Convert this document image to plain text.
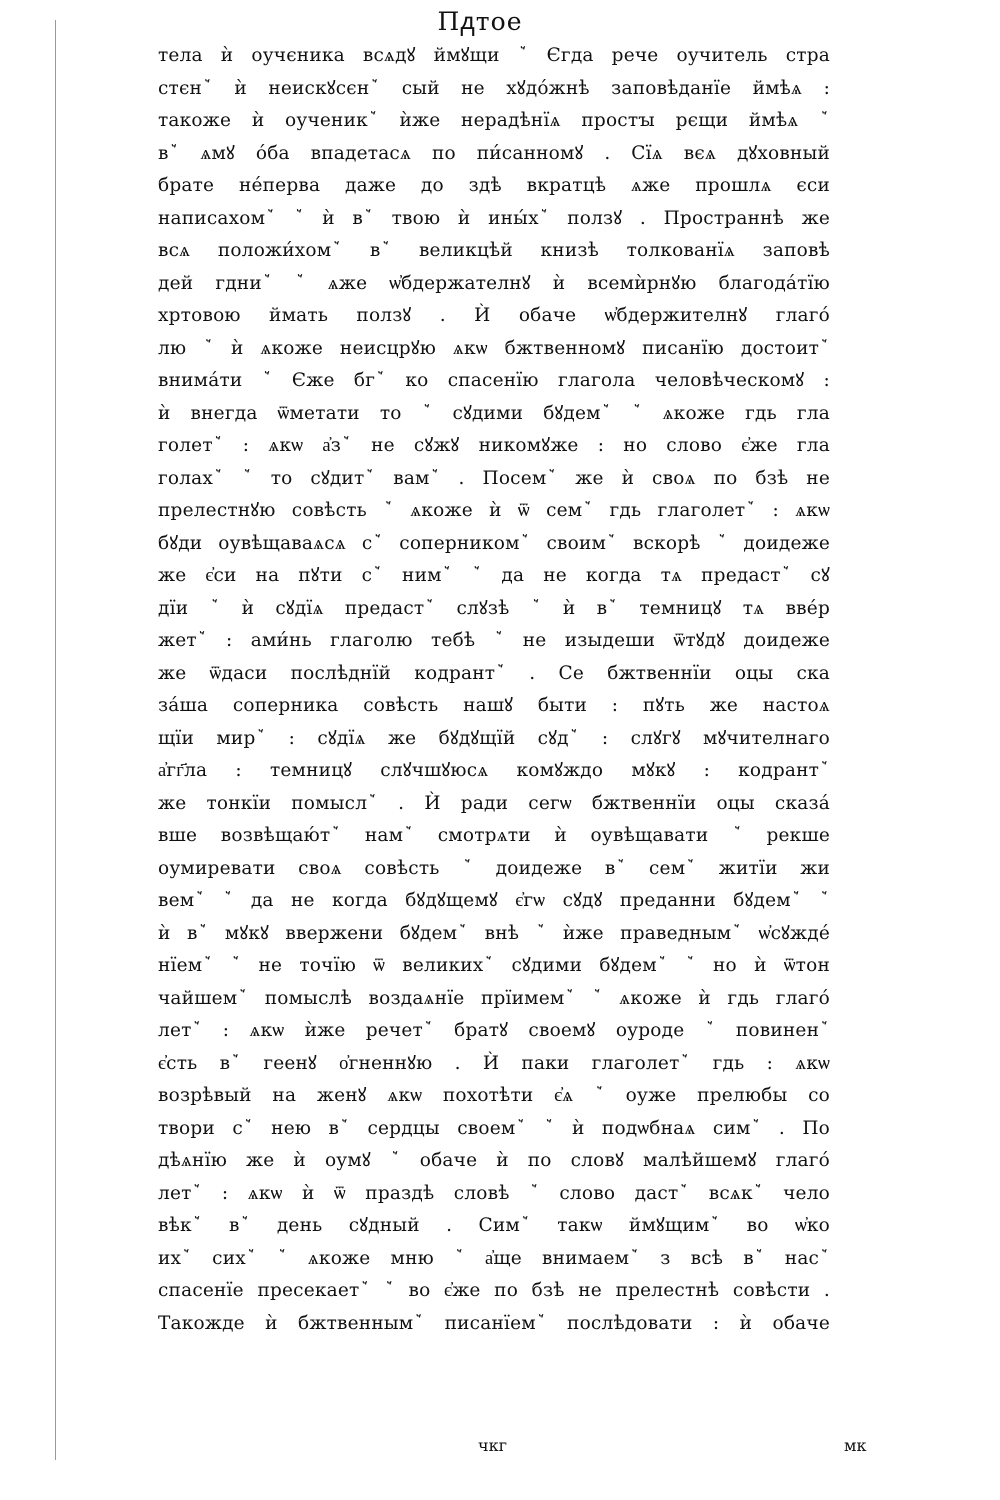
Пᲁтое
тела ѝ оучєника всѧдꙋ ймꙋщи ꙿ Єгда рече оучитель стра
стєнꙿ ѝ неискꙋсєнꙿ сый не хꙋдо́жнѣ заповѣданїе ймѣѧ :
такоже ѝ оученикꙿ ѝже нерадѣнїѧ простꙑ рєщи ймѣѧ ꙿ
вꙿ ѧмꙋ о́ба впадетасѧ по пи́санномꙋ . Сїѧ вєѧ дꙋховный
брате не́перва даже до здѣ вкратцѣ ѧже прошлѧ єси
написахомꙿ ꙿ ѝ вꙿ твою ѝ ины́хꙿ ползꙋ . Пространнѣ же
всѧ положи́хомꙿ вꙿ великцѣй книзѣ толкованїѧ заповѣ
дей гдниꙿ ꙿ ѧже ѡ҆бдержателнꙋ ѝ всемѝрнꙋю благода́тїю
хртовою ймать ползꙋ . Ѝ обаче ѡ҆бдержителнꙋ глаго́
лю ꙿ ѝ ѧкоже неисцрꙋю ѧкѡ бжтвенномꙋ писанїю достоитꙿ
внима́ти ꙿ Єже бгꙿ ко спасенїю глагола человѣческомꙋ :
ѝ внегда ѿметати то ꙿ сꙋдими бꙋдемꙿ ꙿ ѧкоже гдь гла
голетꙿ : ѧкѡ а҆зꙿ не сꙋжꙋ никомꙋже : но слово є҆же гла
голахꙿ ꙿ то сꙋдитꙿ вамꙿ . Посемꙿ же ѝ своѧ по бзѣ не
прелестнꙋю совѣсть ꙿ ѧкоже ѝ ѿ семꙿ гдь глаголетꙿ : ѧкѡ
бꙋди оувѣщаваѧсѧ сꙿ соперникомꙿ своимꙿ вскорѣ ꙿ доидеже
же є҆си на пꙋти сꙿ нимꙿ ꙿ да не когда тѧ предастꙿ сꙋ
дїи ꙿ ѝ сꙋдїѧ предастꙿ слꙋзѣ ꙿ ѝ вꙿ темницꙋ тѧ вве́р
жетꙿ : ами́нь глаголю тебѣ ꙿ не изыдеши ѿтꙋдꙋ доидеже
же ѿдаси послѣднїй кодрантꙿ . Се бжтвеннїи оцы ска
за́ша соперника совѣсть нашꙋ быти : пꙋть же настоѧ
щїи мирꙿ : сꙋдїѧ же бꙋдꙋщїй сꙋдꙿ : слꙋгꙋ мꙋчителнаго
а҆гг҃ла : темницꙋ слꙋчшꙋюсѧ комꙋждо мꙋкꙋ : кодрантꙿ
же тонкїи помыслꙿ . Ѝ ради сегѡ бжтвеннїи оцы сказа́
вше возвѣщаю́тꙿ намꙿ смотрѧти ѝ оувѣщавати ꙿ рекше
оумиревати своѧ совѣсть ꙿ доидеже вꙿ семꙿ житїи жи
вемꙿ ꙿ да не когда бꙋдꙋщемꙋ є҆гѡ сꙋдꙋ преданни бꙋдемꙿ ꙿ
ѝ вꙿ мꙋкꙋ ввержени бꙋдемꙿ внѣ ꙿ ѝже праведнымꙿ ѡ҆сꙋжде́
нїемꙿ ꙿ не точїю ѿ великихꙿ сꙋдими бꙋдемꙿ ꙿ но ѝ ѿтон
чайшемꙿ помыслѣ воздаѧнїе прїимемꙿ ꙿ ѧкоже ѝ гдь глаго́
летꙿ : ѧкѡ ѝже речетꙿ братꙋ своемꙋ оуроде ꙿ повиненꙿ
є҆сть вꙿ геенꙋ о҆гненнꙋю . Ѝ паки глаголетꙿ гдь : ѧкѡ
возрѣвый на женꙋ ѧкѡ похотѣти є҆ѧ ꙿ оуже прелюбы со
твори сꙿ нею вꙿ сердцы своемꙿ ꙿ ѝ подѡбнаѧ симꙿ . По
дѣѧнїю же ѝ оумꙋ ꙿ обаче ѝ по словꙋ малѣйшемꙋ глаго́
летꙿ : ѧкѡ ѝ ѿ праздѣ словѣ ꙿ слово дастꙿ всѧкꙿ чело
вѣкꙿ вꙿ день сꙋдный . Симꙿ такѡ ймꙋщимꙿ во ѡ҆ко
ихꙿ сихꙿ ꙿ ѧкоже мню ꙿ а҆ще внимаемꙿ з всѣ вꙿ насꙿ
спасенїе пресекаетꙿ ꙿ во є҆же по бзѣ не прелестнѣ совѣсти .
Такожде ѝ бжтвеннымꙿ писанїемꙿ послѣдовати : ѝ обаче
чкг	мк
